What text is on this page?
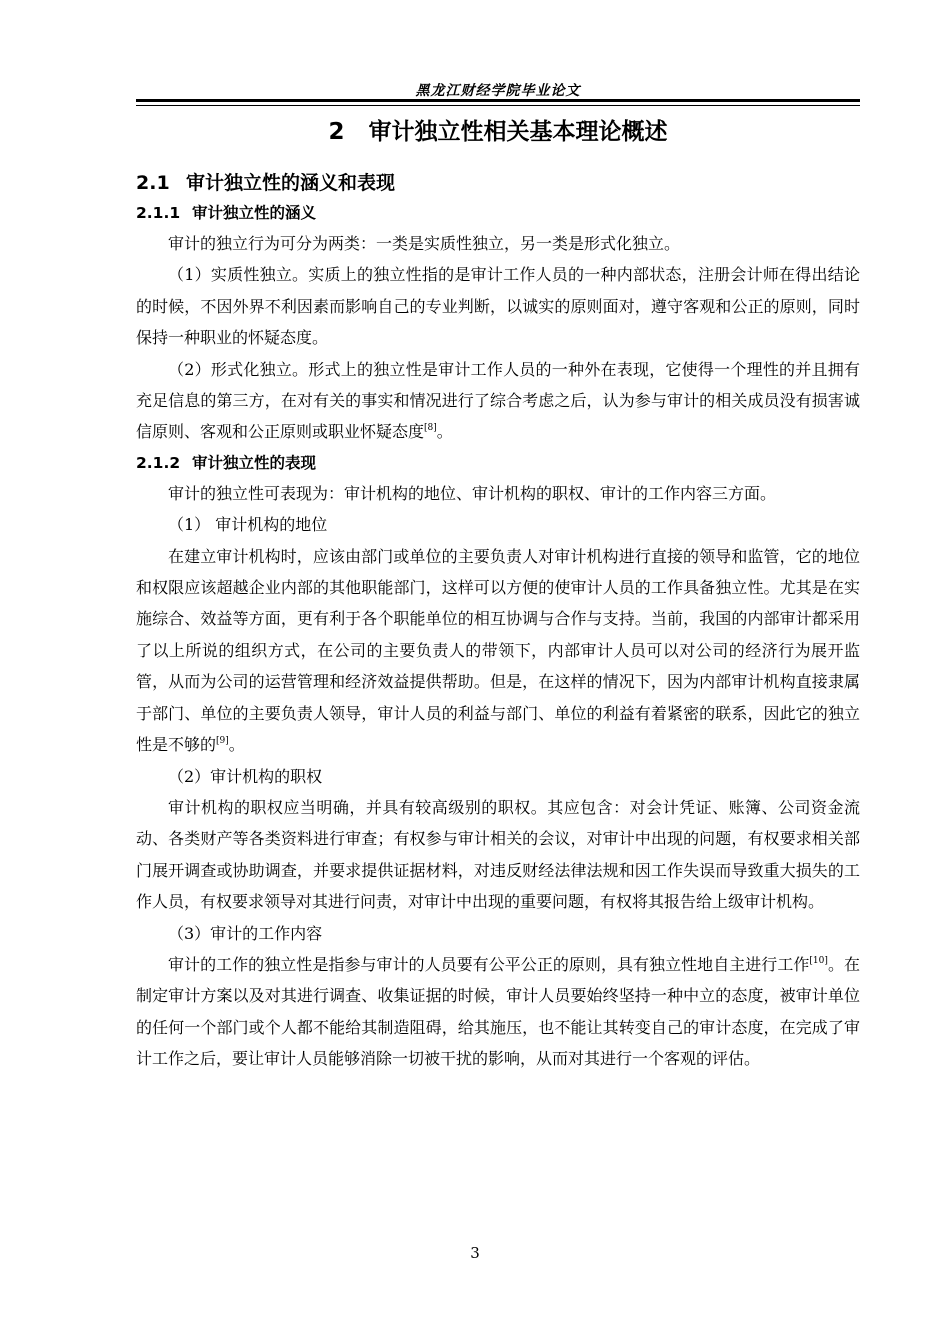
黑龙江财经学院毕业论文
2 审计独立性相关基本理论概述
2.1 审计独立性的涵义和表现
2.1.1 审计独立性的涵义

审计的独立行为可分为两类：一类是实质性独立，另一类是形式化独立。

（1）实质性独立。实质上的独立性指的是审计工作人员的一种内部状态，注册会计师在得出结论的时候，不因外界不利因素而影响自己的专业判断，以诚实的原则面对，遵守客观和公正的原则，同时保持一种职业的怀疑态度。

（2）形式化独立。形式上的独立性是审计工作人员的一种外在表现，它使得一个理性的并且拥有充足信息的第三方，在对有关的事实和情况进行了综合考虑之后，认为参与审计的相关成员没有损害诚信原则、客观和公正原则或职业怀疑态度[8]。

2.1.2 审计独立性的表现

审计的独立性可表现为：审计机构的地位、审计机构的职权、审计的工作内容三方面。

（1） 审计机构的地位

在建立审计机构时，应该由部门或单位的主要负责人对审计机构进行直接的领导和监管，它的地位和权限应该超越企业内部的其他职能部门，这样可以方便的使审计人员的工作具备独立性。尤其是在实施综合、效益等方面，更有利于各个职能单位的相互协调与合作与支持。当前，我国的内部审计都采用了以上所说的组织方式，在公司的主要负责人的带领下，内部审计人员可以对公司的经济行为展开监管，从而为公司的运营管理和经济效益提供帮助。但是，在这样的情况下，因为内部审计机构直接隶属于部门、单位的主要负责人领导，审计人员的利益与部门、单位的利益有着紧密的联系，因此它的独立性是不够的[9]。

（2）审计机构的职权

审计机构的职权应当明确，并具有较高级别的职权。其应包含：对会计凭证、账簿、公司资金流动、各类财产等各类资料进行审查；有权参与审计相关的会议，对审计中出现的问题，有权要求相关部门展开调查或协助调查，并要求提供证据材料，对违反财经法律法规和因工作失误而导致重大损失的工作人员，有权要求领导对其进行问责，对审计中出现的重要问题，有权将其报告给上级审计机构。

（3）审计的工作内容

审计的工作的独立性是指参与审计的人员要有公平公正的原则，具有独立性地自主进行工作[10]。在制定审计方案以及对其进行调查、收集证据的时候，审计人员要始终坚持一种中立的态度，被审计单位的任何一个部门或个人都不能给其制造阻碍，给其施压，也不能让其转变自己的审计态度，在完成了审计工作之后，要让审计人员能够消除一切被干扰的影响，从而对其进行一个客观的评估。

3
